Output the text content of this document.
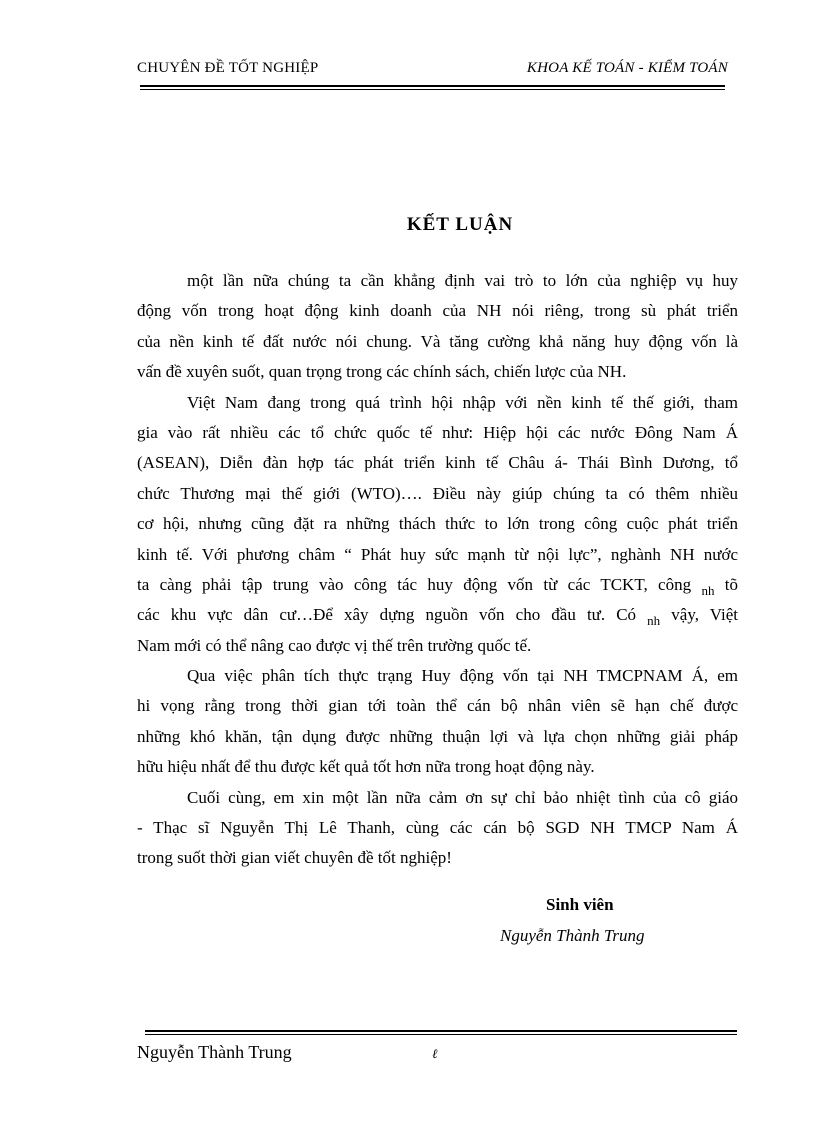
CHUYÊN ĐỀ TỐT NGHIỆP	KHOA KẾ TOÁN - KIỂM TOÁN
KẾT LUẬN
một lần nữa chúng ta cần khẳng định vai trò to lớn của nghiệp vụ huy
động vốn trong hoạt động kinh doanh của NH nói riêng, trong sù phát triển
của nền kinh tế đất nước nói chung. Và tăng cường khả năng huy động vốn là
vấn đề xuyên suốt, quan trọng trong các chính sách, chiến lược của NH.
Việt Nam đang trong quá trình hội nhập với nền kinh tế thế giới, tham
gia vào rất nhiều các tổ chức quốc tế như: Hiệp hội các nước Đông Nam Á
(ASEAN), Diễn đàn hợp tác phát triển kinh tế Châu á- Thái Bình Dương, tổ
chức Thương mại thế giới (WTO)…. Điều này giúp chúng ta có thêm nhiều
cơ hội, nhưng cũng đặt ra những thách thức to lớn trong công cuộc phát triển
kinh tế. Với phương châm “ Phát huy sức mạnh từ nội lực”, nghành NH nước
ta càng phải tập trung vào công tác huy động vốn từ các TCKT, công $_{nh}$ tõ
các khu vực dân cư…Để xây dựng nguồn vốn cho đầu tư. Có $_{nh}$ vậy, Việt
Nam mới có thể nâng cao được vị thế trên trường quốc tế.
Qua việc phân tích thực trạng Huy động vốn tại NH TMCPNAM Á, em
hi vọng rằng trong thời gian tới toàn thể cán bộ nhân viên sẽ hạn chế được
những khó khăn, tận dụng được những thuận lợi và lựa chọn những giải pháp
hữu hiệu nhất để thu được kết quả tốt hơn nữa trong hoạt động này.
Cuối cùng, em xin một lần nữa cảm ơn sự chỉ bảo nhiệt tình của cô giáo
- Thạc sĩ Nguyễn Thị Lê Thanh, cùng các cán bộ SGD NH TMCP Nam Á
trong suốt thời gian viết chuyên đề tốt nghiệp!
Sinh viên
Nguyễn Thành Trung
Nguyễn Thành Trung	ℓ
